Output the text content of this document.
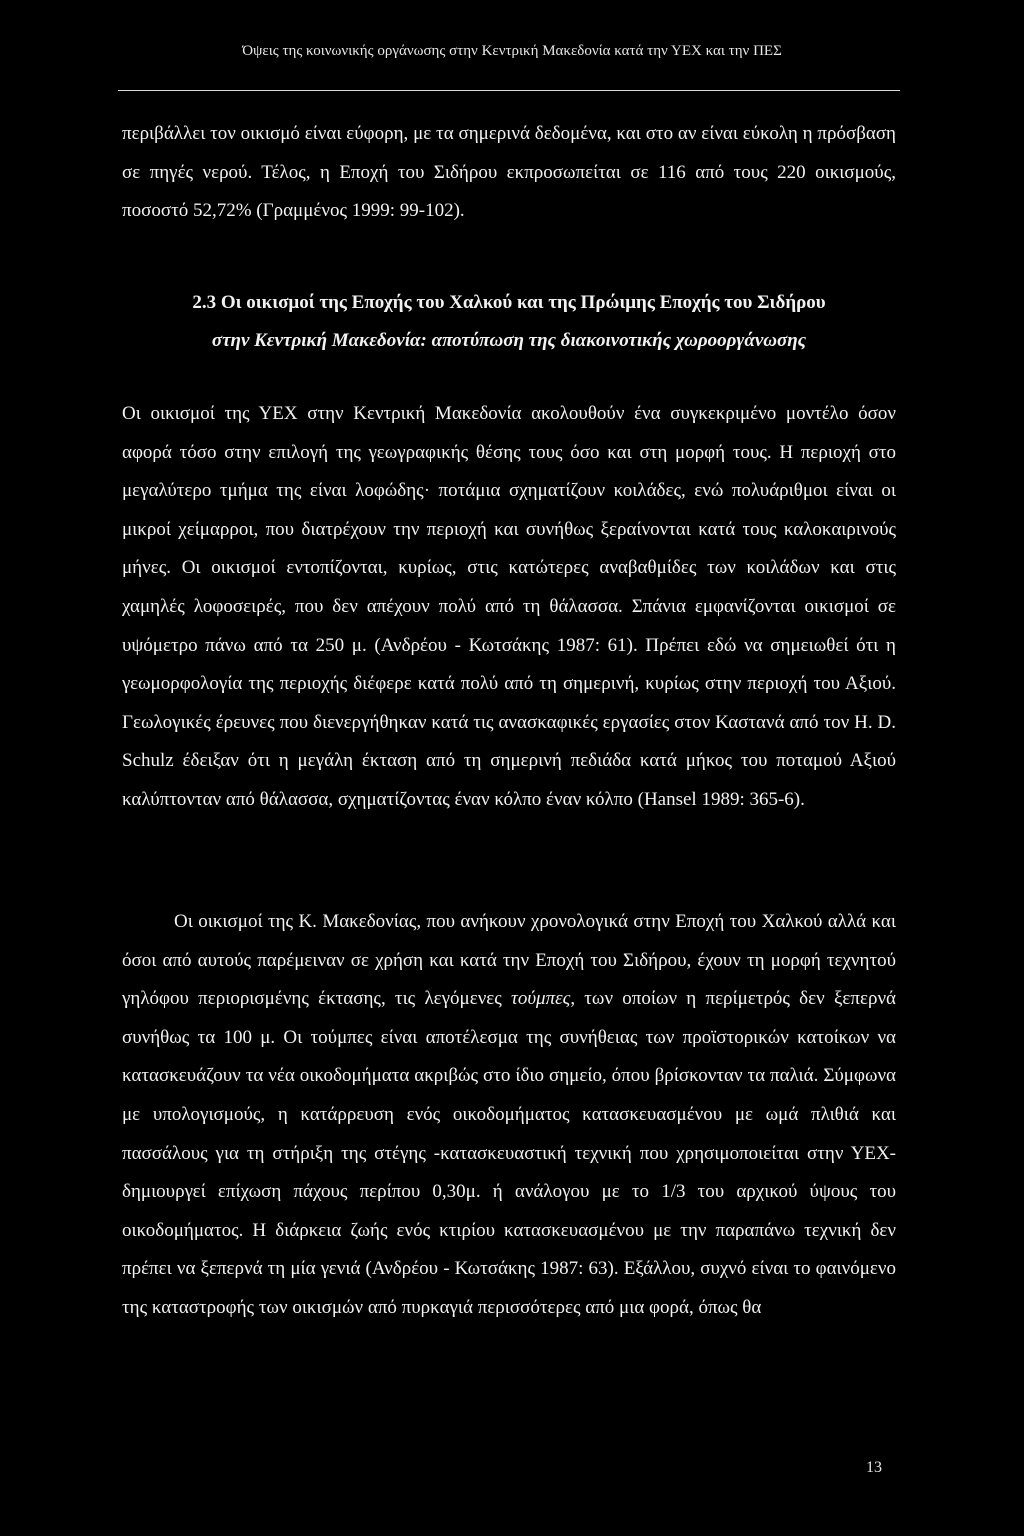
Όψεις της κοινωνικής οργάνωσης στην Κεντρική Μακεδονία κατά την ΥΕΧ και την ΠΕΣ

περιβάλλει τον οικισμό είναι εύφορη, με τα σημερινά δεδομένα, και στο αν είναι εύκολη η πρόσβαση σε πηγές νερού. Τέλος, η Εποχή του Σιδήρου εκπροσωπείται σε 116 από τους 220 οικισμούς, ποσοστό 52,72% (Γραμμένος 1999: 99-102).

2.3 Οι οικισμοί της Εποχής του Χαλκού και της Πρώιμης Εποχής του Σιδήρου
στην Κεντρική Μακεδονία: αποτύπωση της διακοινοτικής χωροοργάνωσης

Οι οικισμοί της ΥΕΧ στην Κεντρική Μακεδονία ακολουθούν ένα συγκεκριμένο μοντέλο όσον αφορά τόσο στην επιλογή της γεωγραφικής θέσης τους όσο και στη μορφή τους. Η περιοχή στο μεγαλύτερο τμήμα της είναι λοφώδης· ποτάμια σχηματίζουν κοιλάδες, ενώ πολυάριθμοι είναι οι μικροί χείμαρροι, που διατρέχουν την περιοχή και συνήθως ξεραίνονται κατά τους καλοκαιρινούς μήνες. Οι οικισμοί εντοπίζονται, κυρίως, στις κατώτερες αναβαθμίδες των κοιλάδων και στις χαμηλές λοφοσειρές, που δεν απέχουν πολύ από τη θάλασσα. Σπάνια εμφανίζονται οικισμοί σε υψόμετρο πάνω από τα 250 μ. (Ανδρέου - Κωτσάκης 1987: 61). Πρέπει εδώ να σημειωθεί ότι η γεωμορφολογία της περιοχής διέφερε κατά πολύ από τη σημερινή, κυρίως στην περιοχή του Αξιού. Γεωλογικές έρευνες που διενεργήθηκαν κατά τις ανασκαφικές εργασίες στον Καστανά από τον Η. D. Schulz έδειξαν ότι η μεγάλη έκταση από τη σημερινή πεδιάδα κατά μήκος του ποταμού Αξιού καλύπτονταν από θάλασσα, σχηματίζοντας έναν κόλπο έναν κόλπο (Hansel 1989: 365-6).

Οι οικισμοί της Κ. Μακεδονίας, που ανήκουν χρονολογικά στην Εποχή του Χαλκού αλλά και όσοι από αυτούς παρέμειναν σε χρήση και κατά την Εποχή του Σιδήρου, έχουν τη μορφή τεχνητού γηλόφου περιορισμένης έκτασης, τις λεγόμενες τούμπες, των οποίων η περίμετρός δεν ξεπερνά συνήθως τα 100 μ. Οι τούμπες είναι αποτέλεσμα της συνήθειας των προϊστορικών κατοίκων να κατασκευάζουν τα νέα οικοδομήματα ακριβώς στο ίδιο σημείο, όπου βρίσκονταν τα παλιά. Σύμφωνα με υπολογισμούς, η κατάρρευση ενός οικοδομήματος κατασκευασμένου με ωμά πλιθιά και πασσάλους για τη στήριξη της στέγης -κατασκευαστική τεχνική που χρησιμοποιείται στην ΥΕΧ- δημιουργεί επίχωση πάχους περίπου 0,30μ. ή ανάλογου με το 1/3 του αρχικού ύψους του οικοδομήματος. Η διάρκεια ζωής ενός κτιρίου κατασκευασμένου με την παραπάνω τεχνική δεν πρέπει να ξεπερνά τη μία γενιά (Ανδρέου - Κωτσάκης 1987: 63). Εξάλλου, συχνό είναι το φαινόμενο της καταστροφής των οικισμών από πυρκαγιά περισσότερες από μια φορά, όπως θα

13
